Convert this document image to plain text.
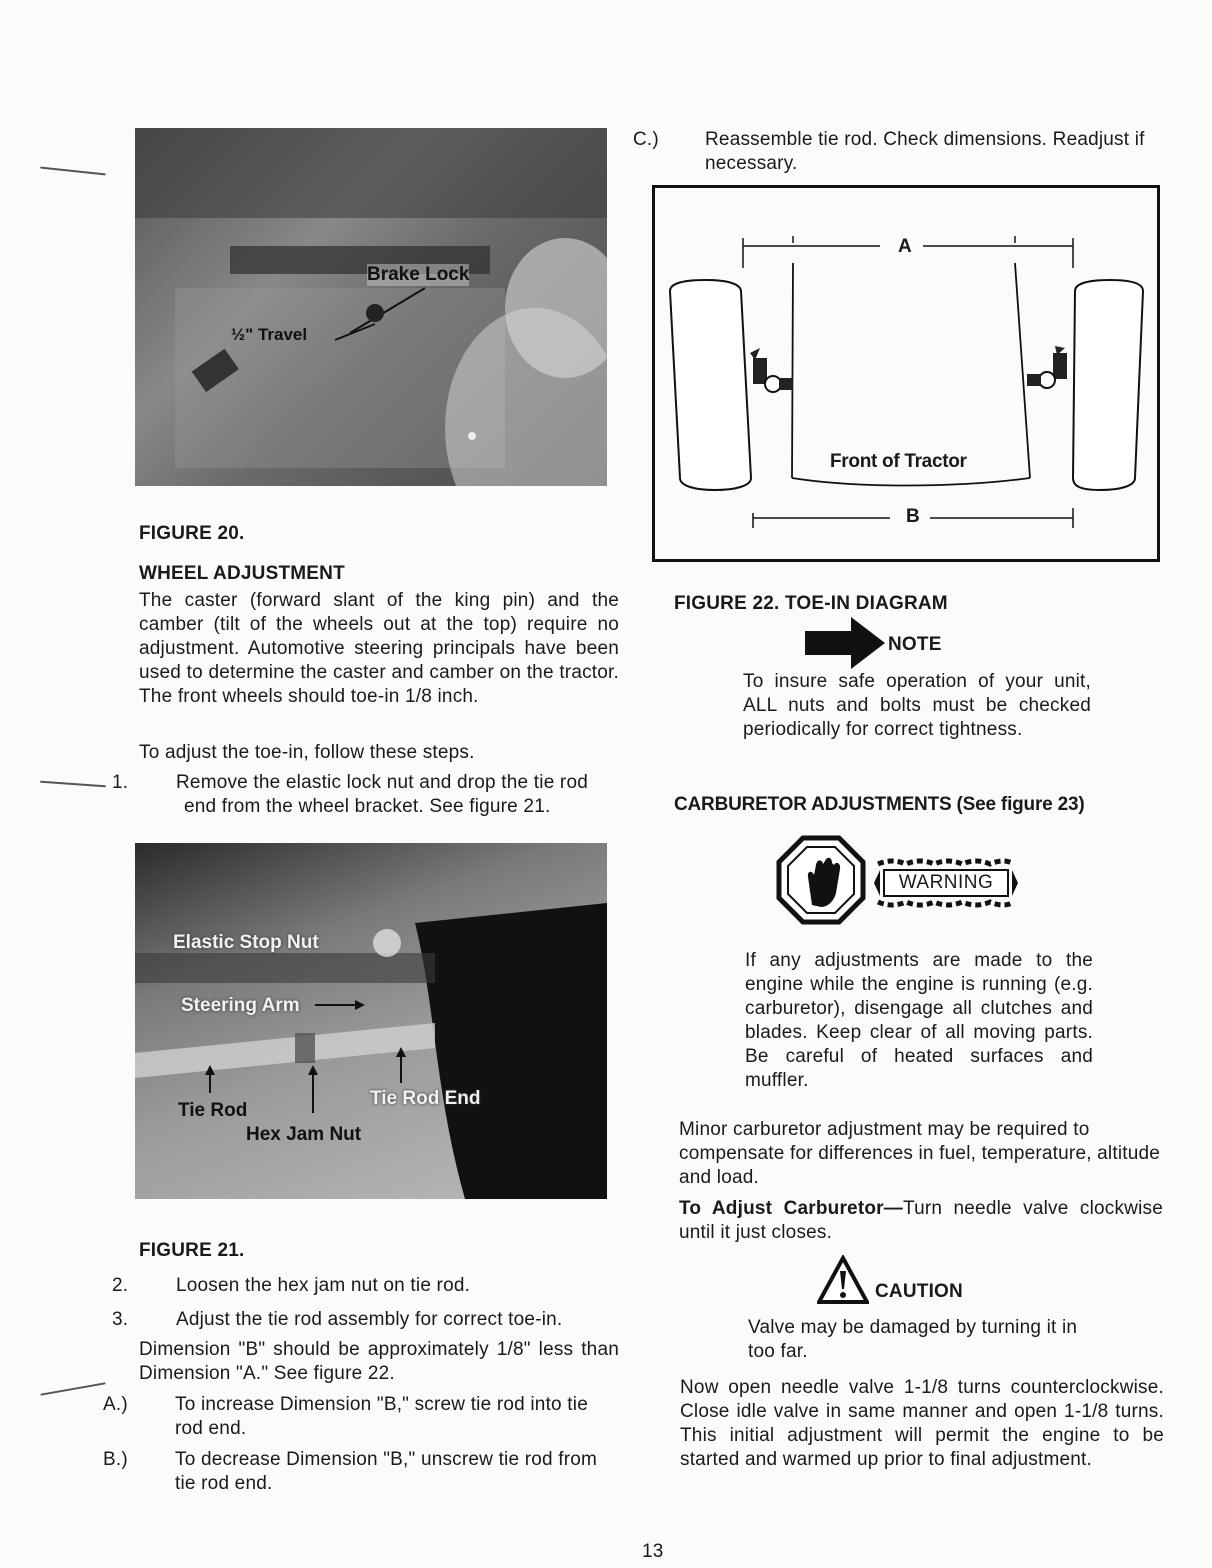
Brake Lock
½" Travel
FIGURE 20.
WHEEL ADJUSTMENT
The caster (forward slant of the king pin) and the camber (tilt of the wheels out at the top) require no adjustment. Automotive steering principals have been used to determine the caster and camber on the tractor. The front wheels should toe-in 1/8 inch.
To adjust the toe-in, follow these steps.
1.	Remove the elastic lock nut and drop the tie rod end from the wheel bracket. See figure 21.
Elastic Stop Nut
Steering Arm
Tie Rod
Hex Jam Nut
Tie Rod End
FIGURE 21.
2.	Loosen the hex jam nut on tie rod.
3.	Adjust the tie rod assembly for correct toe-in.
Dimension "B" should be approximately 1/8" less than Dimension "A." See figure 22.
A.) To increase Dimension "B," screw tie rod into tie rod end.
B.) To decrease Dimension "B," unscrew tie rod from tie rod end.
C.) Reassemble tie rod. Check dimensions. Readjust if necessary.
A
B
Front of Tractor
FIGURE 22. TOE-IN DIAGRAM
NOTE
To insure safe operation of your unit, ALL nuts and bolts must be checked periodically for correct tightness.
CARBURETOR ADJUSTMENTS (See figure 23)
WARNING
If any adjustments are made to the engine while the engine is running (e.g. carburetor), disengage all clutches and blades. Keep clear of all moving parts. Be careful of heated surfaces and muffler.
Minor carburetor adjustment may be required to compensate for differences in fuel, temperature, altitude and load.
To Adjust Carburetor—Turn needle valve clockwise until it just closes.
CAUTION
Valve may be damaged by turning it in too far.
Now open needle valve 1-1/8 turns counterclockwise. Close idle valve in same manner and open 1-1/8 turns. This initial adjustment will permit the engine to be started and warmed up prior to final adjustment.
13
